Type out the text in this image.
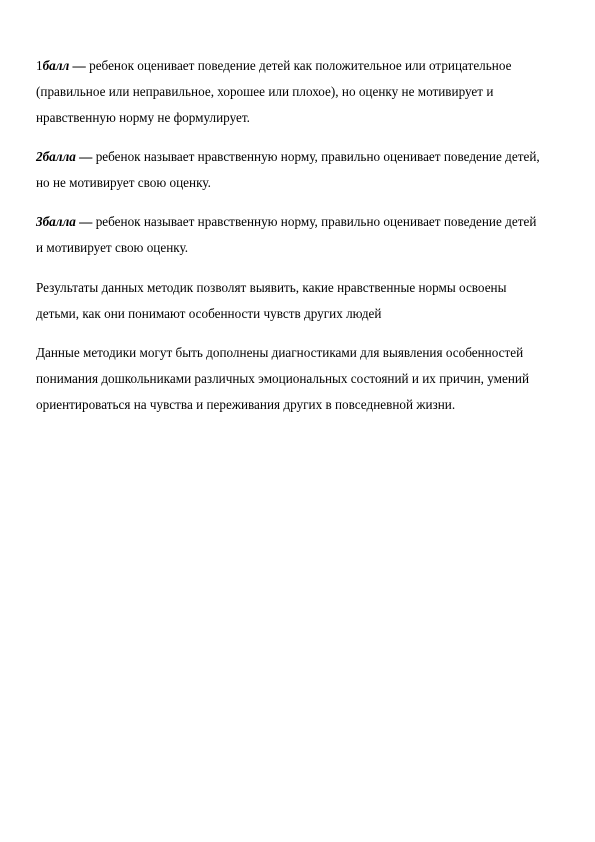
1балл — ребенок оценивает поведение детей как положительное или отрицательное
(правильное или неправильное, хорошее или плохое), но оценку не мотивирует и
нравственную норму не формулирует.
2балла — ребенок называет нравственную норму, правильно оценивает поведение детей,
но не мотивирует свою оценку.
3балла — ребенок называет нравственную норму, правильно оценивает поведение детей
и мотивирует свою оценку.
Результаты данных методик позволят выявить, какие нравственные нормы освоены
детьми, как они понимают особенности чувств других людей
Данные методики могут быть дополнены диагностиками для выявления особенностей
понимания дошкольниками различных эмоциональных состояний и их причин, умений
ориентироваться на чувства и переживания других в повседневной жизни.
